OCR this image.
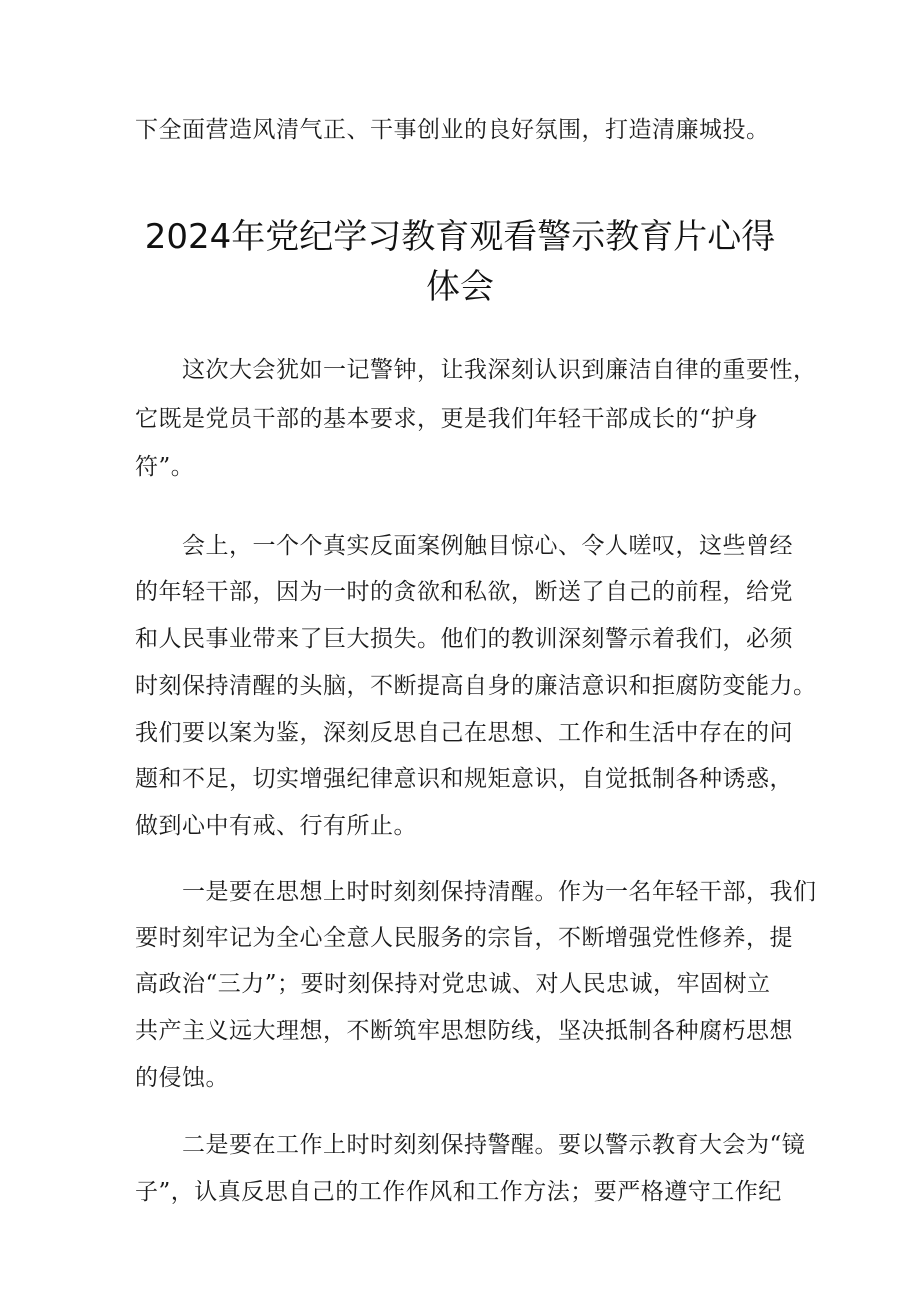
下全面营造风清气正、干事创业的良好氛围，打造清廉城投。
2024年党纪学习教育观看警示教育片心得
体会
　　这次大会犹如一记警钟，让我深刻认识到廉洁自律的重要性，
它既是党员干部的基本要求，更是我们年轻干部成长的“护身
符”。
　　会上，一个个真实反面案例触目惊心、令人嗟叹，这些曾经
的年轻干部，因为一时的贪欲和私欲，断送了自己的前程，给党
和人民事业带来了巨大损失。他们的教训深刻警示着我们，必须
时刻保持清醒的头脑，不断提高自身的廉洁意识和拒腐防变能力。
我们要以案为鉴，深刻反思自己在思想、工作和生活中存在的问
题和不足，切实增强纪律意识和规矩意识，自觉抵制各种诱惑，
做到心中有戒、行有所止。
　　一是要在思想上时时刻刻保持清醒。作为一名年轻干部，我们
要时刻牢记为全心全意人民服务的宗旨，不断增强党性修养，提
高政治“三力”；要时刻保持对党忠诚、对人民忠诚，牢固树立
共产主义远大理想，不断筑牢思想防线，坚决抵制各种腐朽思想
的侵蚀。
　　二是要在工作上时时刻刻保持警醒。要以警示教育大会为“镜
子”，认真反思自己的工作作风和工作方法；要严格遵守工作纪
